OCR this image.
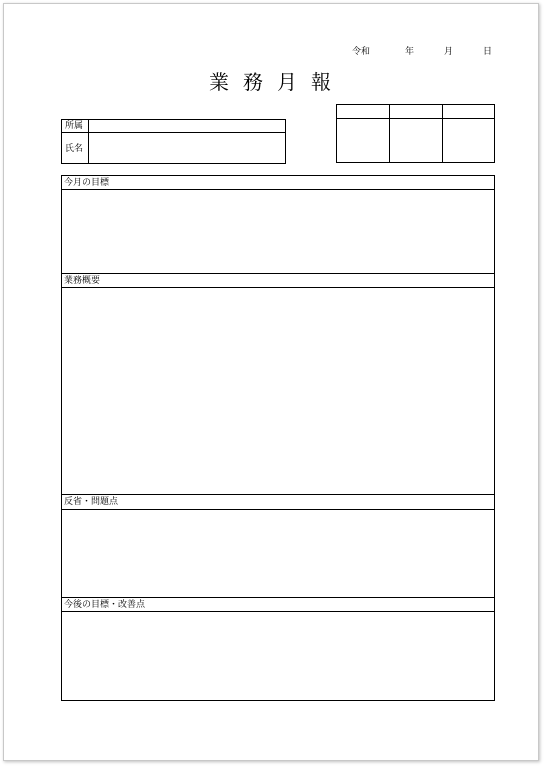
令和	年	月	日
業務月報
所属
氏名
今月の目標
業務概要
反省・問題点
今後の目標・改善点
